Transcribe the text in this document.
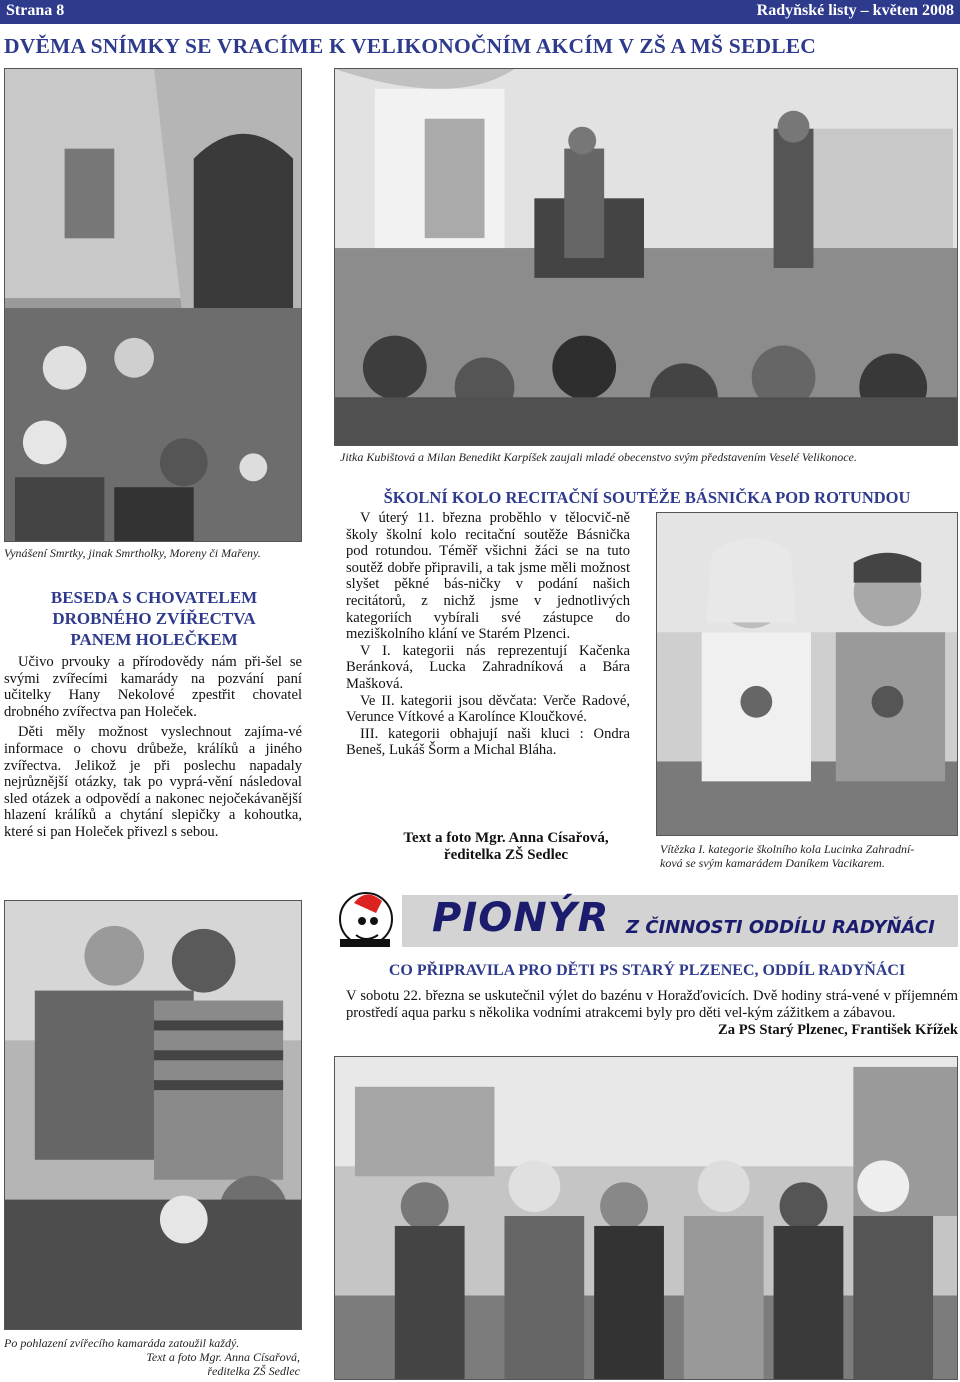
Strana 8	Radyňské listy – květen 2008
DVĚMA SNÍMKY SE VRACÍME K VELIKONOČNÍM AKCÍM V ZŠ A MŠ SEDLEC
Jitka Kubištová a Milan Benedikt Karpíšek zaujali mladé obecenstvo svým představením Veselé Velikonoce.
Vynášení Smrtky, jinak Smrtholky, Moreny či Mařeny.
BESEDA S CHOVATELEM
DROBNÉHO ZVÍŘECTVA
PANEM HOLEČKEM

Učivo prvouky a přírodovědy nám při-šel se svými zvířecími kamarády na pozvání paní učitelky Hany Nekolové zpestřit chovatel drobného zvířectva pan Holeček.

Děti měly možnost vyslechnout zajíma-vé informace o chovu drůbeže, králíků a jiného zvířectva. Jelikož je při poslechu napadaly nejrůznější otázky, tak po vyprá-vění následoval sled otázek a odpovědí a nakonec nejočekávanější hlazení králíků a chytání slepičky a kohoutka, které si pan Holeček přivezl s sebou.

ŠKOLNÍ KOLO RECITAČNÍ SOUTĚŽE BÁSNIČKA POD ROTUNDOU

V úterý 11. března proběhlo v tělocvič-ně školy školní kolo recitační soutěže Básnička pod rotundou. Téměř všichni žáci se na tuto soutěž dobře připravili, a tak jsme měli možnost slyšet pěkné bás-ničky v podání našich recitátorů, z nichž jsme v jednotlivých kategoriích vybírali své zástupce do meziškolního klání ve Starém Plzenci.

V I. kategorii nás reprezentují Kačenka Beránková, Lucka Zahradníková a Bára Mašková.

Ve II. kategorii jsou děvčata: Verče Radové, Verunce Vítkové a Karolínce Kloučkové.

III. kategorii obhajují naši kluci : Ondra Beneš, Lukáš Šorm a Michal Bláha.

Text a foto Mgr. Anna Císařová,
ředitelka ZŠ Sedlec	Vítězka I. kategorie školního kola Lucinka Zahradní-
ková se svým kamarádem Daníkem Vacikarem.
Po pohlazení zvířecího kamaráda zatoužil každý.
Text a foto Mgr. Anna Císařová,
ředitelka ZŠ Sedlec
PIONÝR Z ČINNOSTI ODDÍLU RADYŇÁCI
CO PŘIPRAVILA PRO DĚTI PS STARÝ PLZENEC, ODDÍL RADYŇÁCI
V sobotu 22. března se uskutečnil výlet do bazénu v Horažďovicích. Dvě hodiny strá-vené v příjemném prostředí aqua parku s několika vodními atrakcemi byly pro děti vel-kým zážitkem a zábavou.
Za PS Starý Plzenec, František Křížek
